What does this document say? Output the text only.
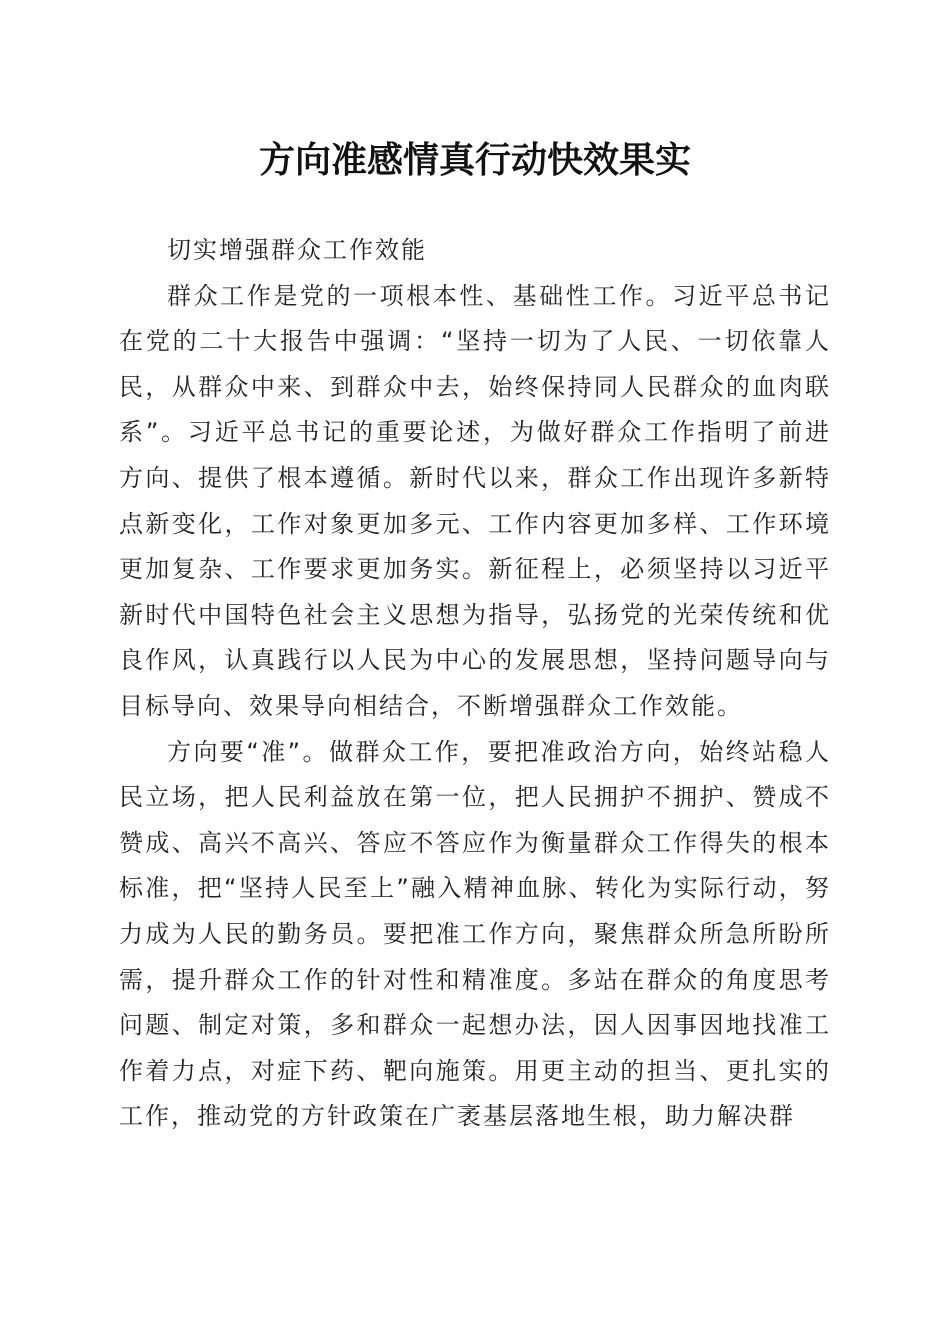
方向准感情真行动快效果实

切实增强群众工作效能

群众工作是党的一项根本性、基础性工作。习近平总书记在党的二十大报告中强调：“坚持一切为了人民、一切依靠人民，从群众中来、到群众中去，始终保持同人民群众的血肉联系”。习近平总书记的重要论述，为做好群众工作指明了前进方向、提供了根本遵循。新时代以来，群众工作出现许多新特点新变化，工作对象更加多元、工作内容更加多样、工作环境更加复杂、工作要求更加务实。新征程上，必须坚持以习近平新时代中国特色社会主义思想为指导，弘扬党的光荣传统和优良作风，认真践行以人民为中心的发展思想，坚持问题导向与目标导向、效果导向相结合，不断增强群众工作效能。

方向要“准”。做群众工作，要把准政治方向，始终站稳人民立场，把人民利益放在第一位，把人民拥护不拥护、赞成不赞成、高兴不高兴、答应不答应作为衡量群众工作得失的根本标准，把“坚持人民至上”融入精神血脉、转化为实际行动，努力成为人民的勤务员。要把准工作方向，聚焦群众所急所盼所需，提升群众工作的针对性和精准度。多站在群众的角度思考问题、制定对策，多和群众一起想办法，因人因事因地找准工作着力点，对症下药、靶向施策。用更主动的担当、更扎实的工作，推动党的方针政策在广袤基层落地生根，助力解决群
